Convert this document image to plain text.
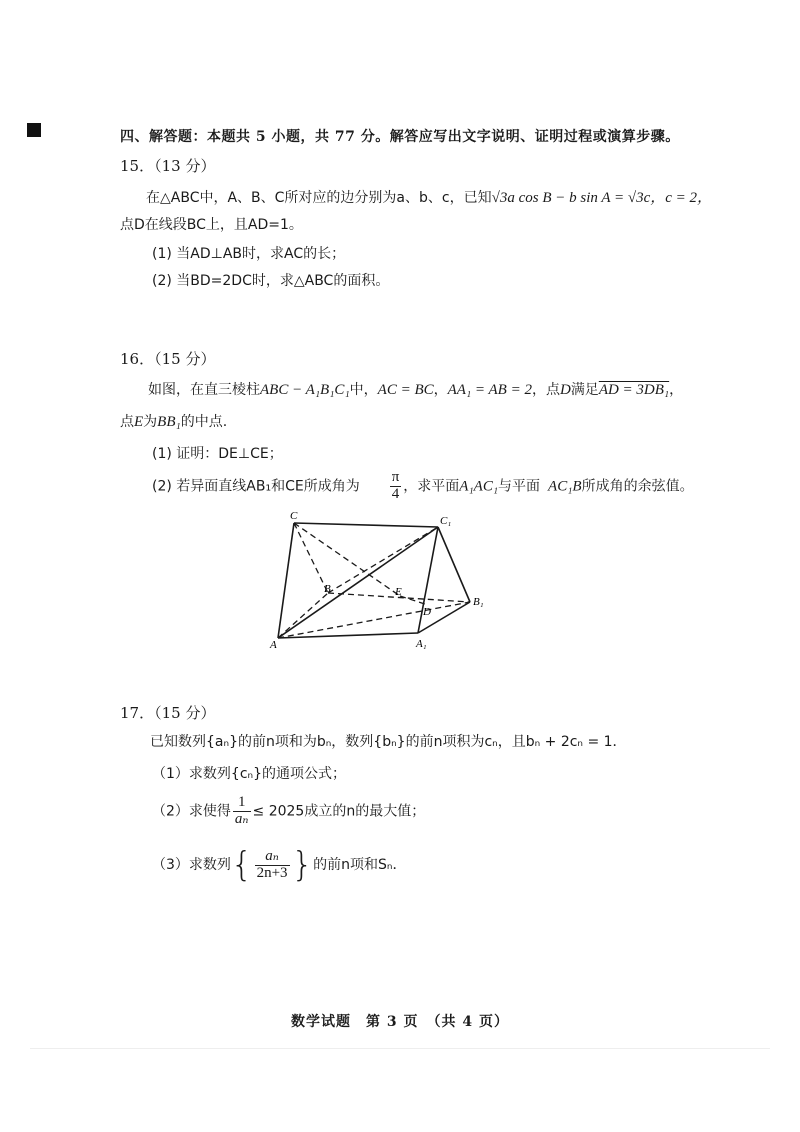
四、解答题：本题共 5 小题，共 77 分。解答应写出文字说明、证明过程或演算步骤。
15．（13 分）
在△ABC中，A、B、C所对应的边分别为a、b、c，已知√3a cos B − b sin A = √3c，c = 2，
点D在线段BC上，且AD=1。
(1) 当AD⊥AB时，求AC的长；
(2) 当BD=2DC时，求△ABC的面积。
16．（15 分）
如图，在直三棱柱ABC − A₁B₁C₁中，AC = BC，AA₁ = AB = 2，点D满足AD = 3DB₁，
点E为BB₁的中点.
(1) 证明：DE⊥CE；
(2) 若异面直线AB₁和CE所成角为 $\frac{\pi}{4}$ ，求平面A₁AC₁与平面 AC₁B所成角的余弦值。
C	C₁
B	E
D
B₁
A	A₁
17．（15 分）
已知数列{aₙ}的前n项和为bₙ，数列{bₙ}的前n项积为cₙ，且bₙ + 2cₙ = 1．
（1）求数列{cₙ}的通项公式；
（2）求使得 $\frac{1}{\text{aₙ}} \le 2025$成立的n的最大值；
（3）求数列{ $\frac{\text{aₙ}}{2n+3}$ }的前n项和Sₙ．
数学试题　第 3 页　（共 4 页）
